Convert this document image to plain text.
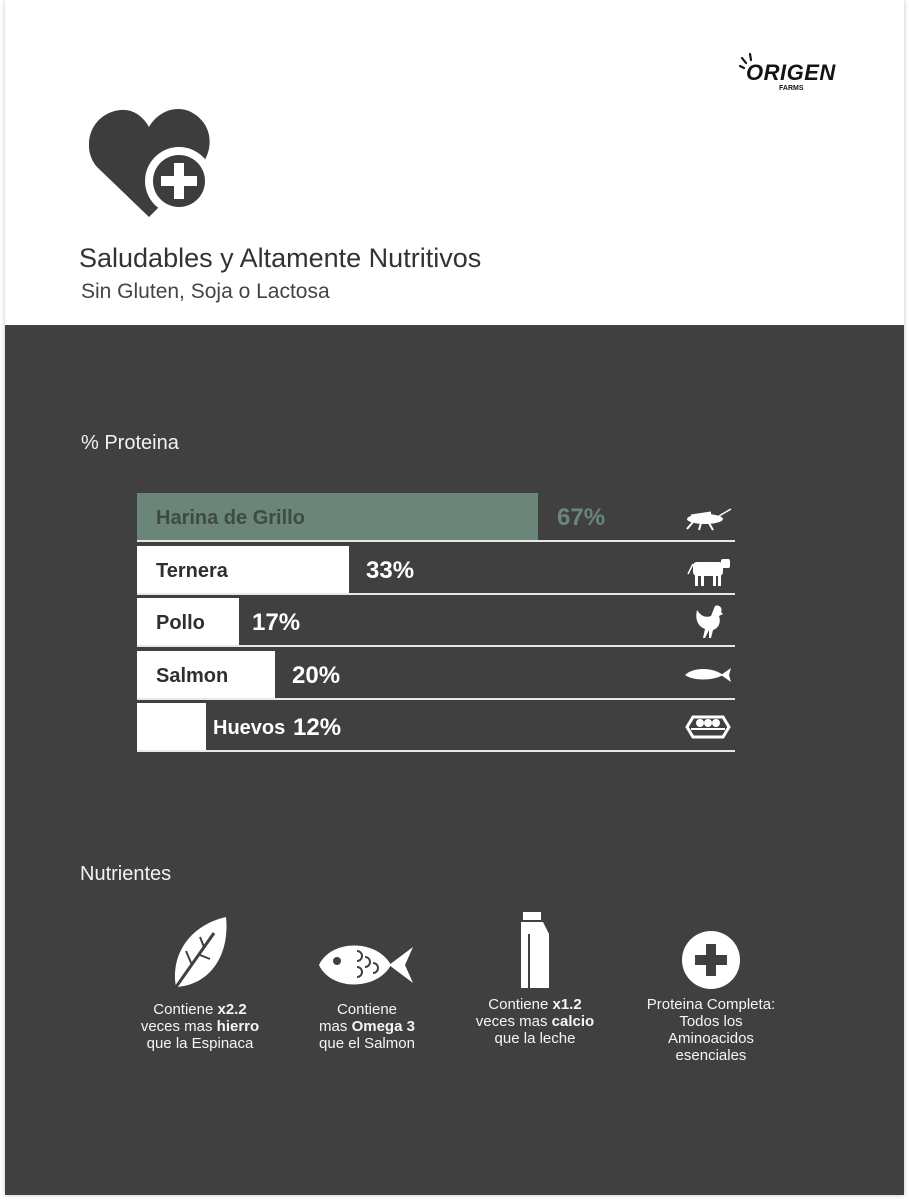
ORIGEN
FARMS
Saludables y Altamente Nutritivos
Sin Gluten, Soja o Lactosa
% Proteina
Harina de Grillo	67%
Ternera	33%
Pollo 17%
Salmon	20%
Huevos 12%
Nutrientes
Contiene x2.2
veces mas hierro
que la Espinaca
Contiene
mas Omega 3
que el Salmon
Contiene x1.2
veces mas calcio
que la leche
Proteina Completa:
Todos los
Aminoacidos
esenciales
